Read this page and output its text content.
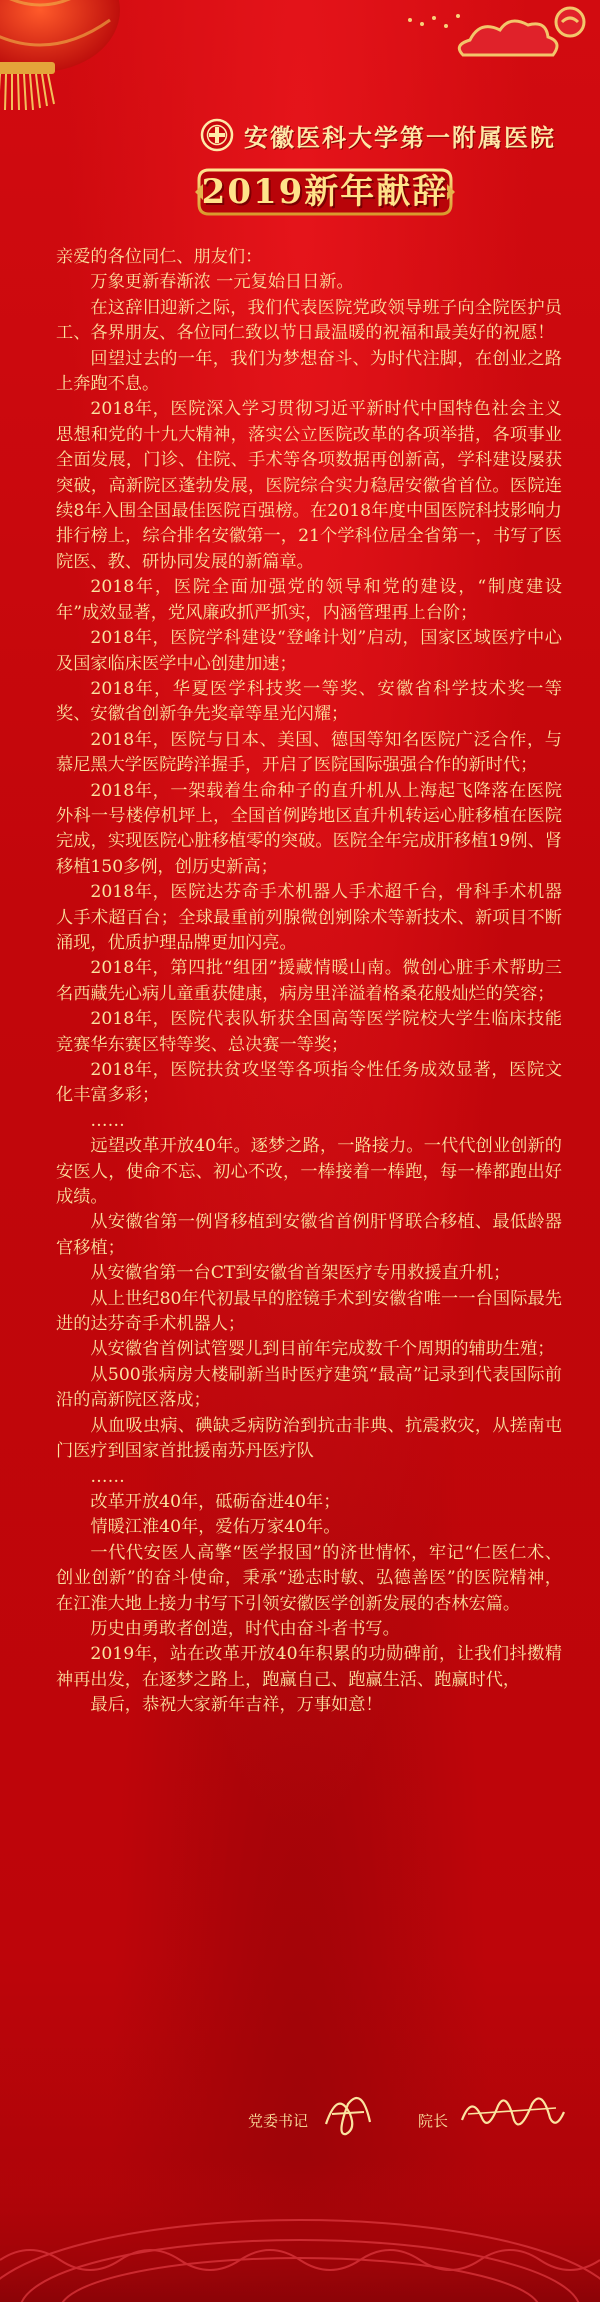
安徽医科大学第一附属医院
2019新年献辞

亲爱的各位同仁、朋友们：

万象更新春渐浓 一元复始日日新。

在这辞旧迎新之际，我们代表医院党政领导班子向全院医护员工、各界朋友、各位同仁致以节日最温暖的祝福和最美好的祝愿！

回望过去的一年，我们为梦想奋斗、为时代注脚，在创业之路上奔跑不息。

2018年，医院深入学习贯彻习近平新时代中国特色社会主义思想和党的十九大精神，落实公立医院改革的各项举措，各项事业全面发展，门诊、住院、手术等各项数据再创新高，学科建设屡获突破，高新院区蓬勃发展，医院综合实力稳居安徽省首位。医院连续8年入围全国最佳医院百强榜。在2018年度中国医院科技影响力排行榜上，综合排名安徽第一，21个学科位居全省第一，书写了医院医、教、研协同发展的新篇章。

2018年，医院全面加强党的领导和党的建设，“制度建设年”成效显著，党风廉政抓严抓实，内涵管理再上台阶；

2018年，医院学科建设“登峰计划”启动，国家区域医疗中心及国家临床医学中心创建加速；

2018年，华夏医学科技奖一等奖、安徽省科学技术奖一等奖、安徽省创新争先奖章等星光闪耀；

2018年，医院与日本、美国、德国等知名医院广泛合作，与慕尼黑大学医院跨洋握手，开启了医院国际强强合作的新时代；

2018年，一架载着生命种子的直升机从上海起飞降落在医院外科一号楼停机坪上，全国首例跨地区直升机转运心脏移植在医院完成，实现医院心脏移植零的突破。医院全年完成肝移植19例、肾移植150多例，创历史新高；

2018年，医院达芬奇手术机器人手术超千台，骨科手术机器人手术超百台；全球最重前列腺微创剜除术等新技术、新项目不断涌现，优质护理品牌更加闪亮。

2018年，第四批“组团”援藏情暖山南。微创心脏手术帮助三名西藏先心病儿童重获健康，病房里洋溢着格桑花般灿烂的笑容；

2018年，医院代表队斩获全国高等医学院校大学生临床技能竞赛华东赛区特等奖、总决赛一等奖；

2018年，医院扶贫攻坚等各项指令性任务成效显著，医院文化丰富多彩；

……

远望改革开放40年。逐梦之路，一路接力。一代代创业创新的安医人，使命不忘、初心不改，一棒接着一棒跑，每一棒都跑出好成绩。

从安徽省第一例肾移植到安徽省首例肝肾联合移植、最低龄器官移植；

从安徽省第一台CT到安徽省首架医疗专用救援直升机；

从上世纪80年代初最早的腔镜手术到安徽省唯一一台国际最先进的达芬奇手术机器人；

从安徽省首例试管婴儿到目前年完成数千个周期的辅助生殖；

从500张病房大楼刷新当时医疗建筑“最高”记录到代表国际前沿的高新院区落成；

从血吸虫病、碘缺乏病防治到抗击非典、抗震救灾，从搓南屯门医疗到国家首批援南苏丹医疗队

……

改革开放40年，砥砺奋进40年；

情暖江淮40年，爱佑万家40年。

一代代安医人高擎“医学报国”的济世情怀，牢记“仁医仁术、创业创新”的奋斗使命，秉承“逊志时敏、弘德善医”的医院精神，在江淮大地上接力书写下引领安徽医学创新发展的杏林宏篇。

历史由勇敢者创造，时代由奋斗者书写。

2019年，站在改革开放40年积累的功勋碑前，让我们抖擞精神再出发，在逐梦之路上，跑赢自己、跑赢生活、跑赢时代，

最后，恭祝大家新年吉祥，万事如意！

党委书记	院长
